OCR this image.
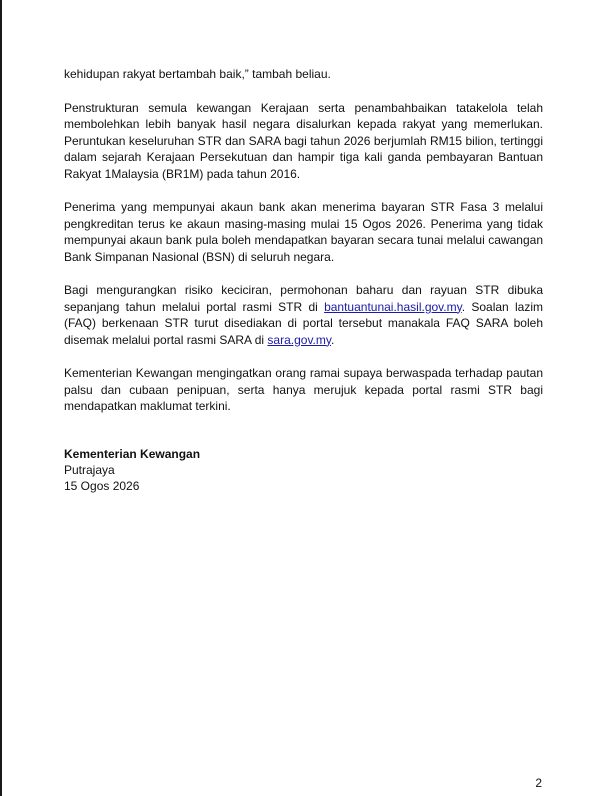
kehidupan rakyat bertambah baik,” tambah beliau.

Penstrukturan semula kewangan Kerajaan serta penambahbaikan tatakelola telah membolehkan lebih banyak hasil negara disalurkan kepada rakyat yang memerlukan. Peruntukan keseluruhan STR dan SARA bagi tahun 2026 berjumlah RM15 bilion, tertinggi dalam sejarah Kerajaan Persekutuan dan hampir tiga kali ganda pembayaran Bantuan Rakyat 1Malaysia (BR1M) pada tahun 2016.

Penerima yang mempunyai akaun bank akan menerima bayaran STR Fasa 3 melalui pengkreditan terus ke akaun masing-masing mulai 15 Ogos 2026. Penerima yang tidak mempunyai akaun bank pula boleh mendapatkan bayaran secara tunai melalui cawangan Bank Simpanan Nasional (BSN) di seluruh negara.

Bagi mengurangkan risiko keciciran, permohonan baharu dan rayuan STR dibuka sepanjang tahun melalui portal rasmi STR di bantuantunai.hasil.gov.my. Soalan lazim (FAQ) berkenaan STR turut disediakan di portal tersebut manakala FAQ SARA boleh disemak melalui portal rasmi SARA di sara.gov.my.

Kementerian Kewangan mengingatkan orang ramai supaya berwaspada terhadap pautan palsu dan cubaan penipuan, serta hanya merujuk kepada portal rasmi STR bagi mendapatkan maklumat terkini.

Kementerian Kewangan
Putrajaya
15 Ogos 2026
2
